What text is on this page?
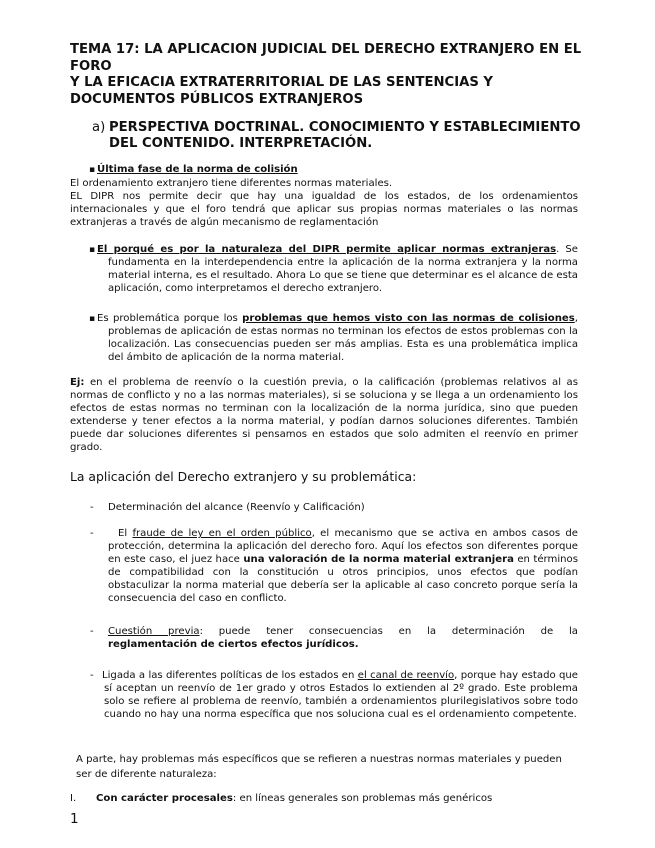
TEMA 17: LA APLICACION JUDICIAL DEL DERECHO EXTRANJERO EN EL
FORO
Y LA EFICACIA EXTRATERRITORIAL DE LAS SENTENCIAS Y
DOCUMENTOS PÚBLICOS EXTRANJEROS
a) PERSPECTIVA DOCTRINAL. CONOCIMIENTO Y ESTABLECIMIENTO DEL CONTENIDO. INTERPRETACIÓN.
▪ Última fase de la norma de colisión
El ordenamiento extranjero tiene diferentes normas materiales.
EL DIPR nos permite decir que hay una igualdad de los estados, de los ordenamientos internacionales y que el foro tendrá que aplicar sus propias normas materiales o las normas extranjeras a través de algún mecanismo de reglamentación
▪ El porqué es por la naturaleza del DIPR permite aplicar normas extranjeras. Se fundamenta en la interdependencia entre la aplicación de la norma extranjera y la norma material interna, es el resultado. Ahora Lo que se tiene que determinar es el alcance de esta aplicación, como interpretamos el derecho extranjero.
▪ Es problemática porque los problemas que hemos visto con las normas de colisiones, problemas de aplicación de estas normas no terminan los efectos de estos problemas con la localización. Las consecuencias pueden ser más amplias. Esta es una problemática implica del ámbito de aplicación de la norma material.
Ej: en el problema de reenvío o la cuestión previa, o la calificación (problemas relativos al as normas de conflicto y no a las normas materiales), si se soluciona y se llega a un ordenamiento los efectos de estas normas no terminan con la localización de la norma jurídica, sino que pueden extenderse y tener efectos a la norma material, y podían darnos soluciones diferentes. También puede dar soluciones diferentes si pensamos en estados que solo admiten el reenvío en primer grado.
La aplicación del Derecho extranjero y su problemática:
- Determinación del alcance (Reenvío y Calificación)
-	El fraude de ley en el orden público, el mecanismo que se activa en ambos casos de protección, determina la aplicación del derecho foro. Aquí los efectos son diferentes porque en este caso, el juez hace una valoración de la norma material extranjera en términos de compatibilidad con la constitución u otros principios, unos efectos que podían obstaculizar la norma material que debería ser la aplicable al caso concreto porque sería la consecuencia del caso en conflicto.
- Cuestión previa: puede tener consecuencias en la determinación de la
reglamentación de ciertos efectos jurídicos.
- Ligada a las diferentes políticas de los estados en el canal de reenvío, porque hay estado que sí aceptan un reenvío de 1er grado y otros Estados lo extienden al 2º grado. Este problema solo se refiere al problema de reenvío, también a ordenamientos plurilegislativos sobre todo cuando no hay una norma específica que nos soluciona cual es el ordenamiento competente.
A parte, hay problemas más específicos que se refieren a nuestras normas materiales y pueden ser de diferente naturaleza:
I. Con carácter procesales: en líneas generales son problemas más genéricos
1
